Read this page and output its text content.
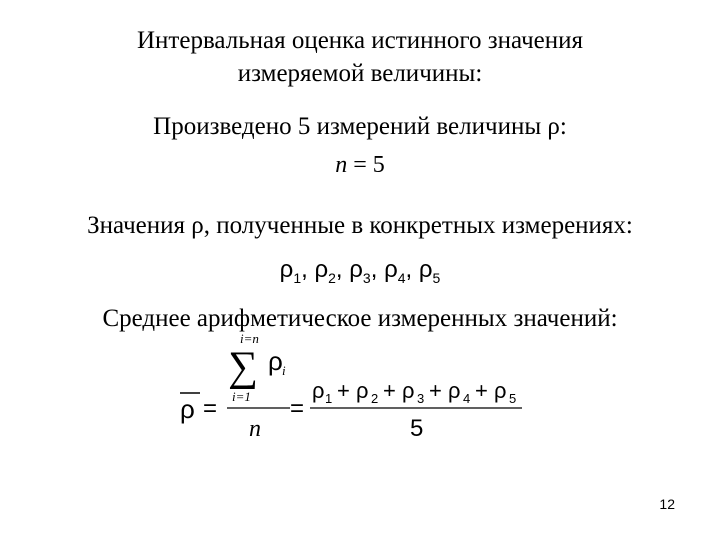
Интервальная оценка истинного значения
измеряемой величины:
Произведено 5 измерений величины ρ:
n = 5
Значения ρ, полученные в конкретных измерениях:
$\rho_1$, $\rho_2$, $\rho_3$, $\rho_4$, $\rho_5$
Среднее арифметическое измеренных значений:
ρ =
i=n
∑ ρ i
i=1
n
=
ρ 1 + ρ 2 + ρ 3 + ρ 4 + ρ 5
5
12
